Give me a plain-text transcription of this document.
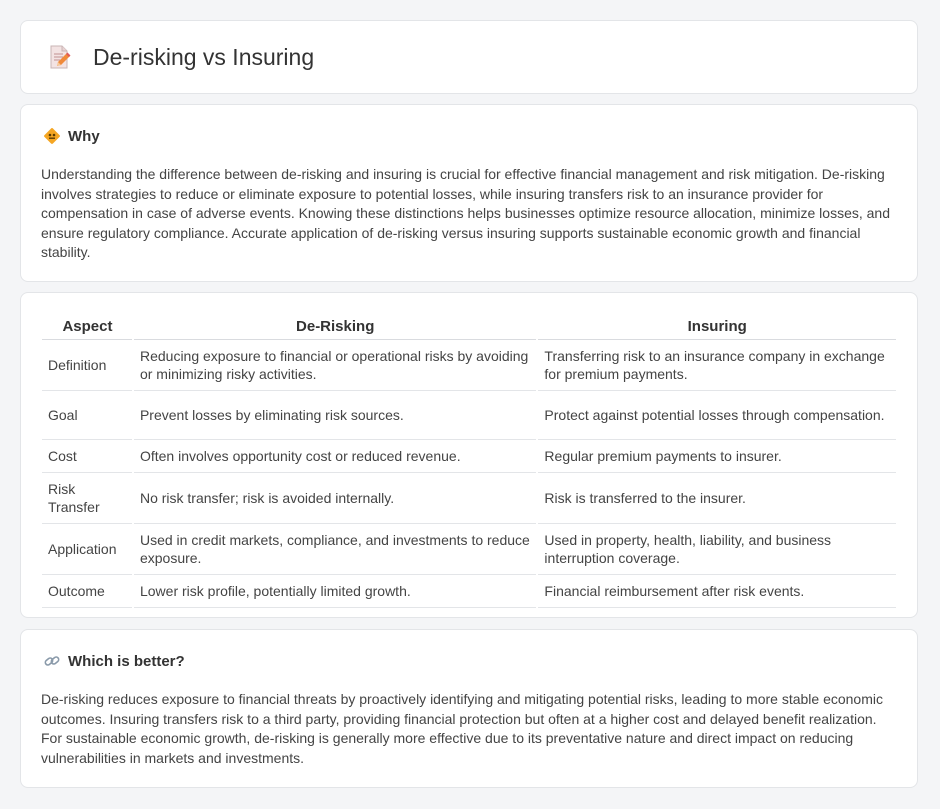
De-risking vs Insuring
Why
Understanding the difference between de-risking and insuring is crucial for effective financial management and risk mitigation. De-risking involves strategies to reduce or eliminate exposure to potential losses, while insuring transfers risk to an insurance provider for compensation in case of adverse events. Knowing these distinctions helps businesses optimize resource allocation, minimize losses, and ensure regulatory compliance. Accurate application of de-risking versus insuring supports sustainable economic growth and financial stability.
Aspect	De-Risking	Insuring
Definition	Reducing exposure to financial or operational risks by avoiding or minimizing risky activities.	Transferring risk to an insurance company in exchange for premium payments.
Goal	Prevent losses by eliminating risk sources.	Protect against potential losses through compensation.
Cost	Often involves opportunity cost or reduced revenue.	Regular premium payments to insurer.
Risk Transfer	No risk transfer; risk is avoided internally.	Risk is transferred to the insurer.
Application	Used in credit markets, compliance, and investments to reduce exposure.	Used in property, health, liability, and business interruption coverage.
Outcome	Lower risk profile, potentially limited growth.	Financial reimbursement after risk events.
Which is better?
De-risking reduces exposure to financial threats by proactively identifying and mitigating potential risks, leading to more stable economic outcomes. Insuring transfers risk to a third party, providing financial protection but often at a higher cost and delayed benefit realization. For sustainable economic growth, de-risking is generally more effective due to its preventative nature and direct impact on reducing vulnerabilities in markets and investments.
